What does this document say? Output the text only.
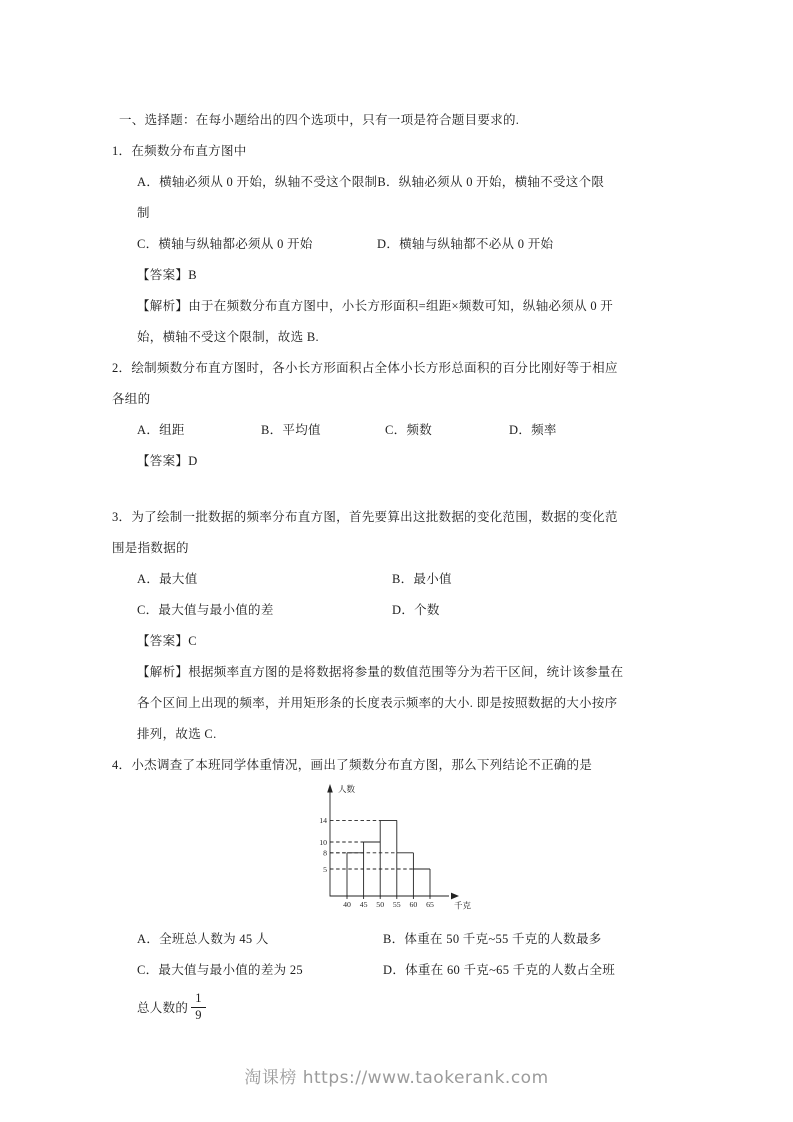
一、选择题：在每小题给出的四个选项中，只有一项是符合题目要求的.
1．在频数分布直方图中
A．横轴必须从 0 开始，纵轴不受这个限制 B．纵轴必须从 0 开始，横轴不受这个限
制
C．横轴与纵轴都必须从 0 开始	D．横轴与纵轴都不必从 0 开始
【答案】B
【解析】由于在频数分布直方图中，小长方形面积=组距×频数可知，纵轴必须从 0 开
始，横轴不受这个限制，故选 B.
2．绘制频数分布直方图时，各小长方形面积占全体小长方形总面积的百分比刚好等于相应
各组的
A．组距	B．平均值	C．频数	D．频率
【答案】D
3．为了绘制一批数据的频率分布直方图，首先要算出这批数据的变化范围，数据的变化范
围是指数据的
A．最大值	B．最小值
C．最大值与最小值的差	D．个数
【答案】C
【解析】根据频率直方图的是将数据将参量的数值范围等分为若干区间，统计该参量在
各个区间上出现的频率，并用矩形条的长度表示频率的大小. 即是按照数据的大小按序
排列，故选 C.
4．小杰调查了本班同学体重情况，画出了频数分布直方图，那么下列结论不正确的是
人数
千克
40 45 50 55 60 65
14
10
8
5
A．全班总人数为 45 人	B．体重在 50 千克~55 千克的人数最多
C．最大值与最小值的差为 25	D．体重在 60 千克~65 千克的人数占全班
总人数的 $\frac{1}{9}$
淘课榜 https://www.taokerank.com
